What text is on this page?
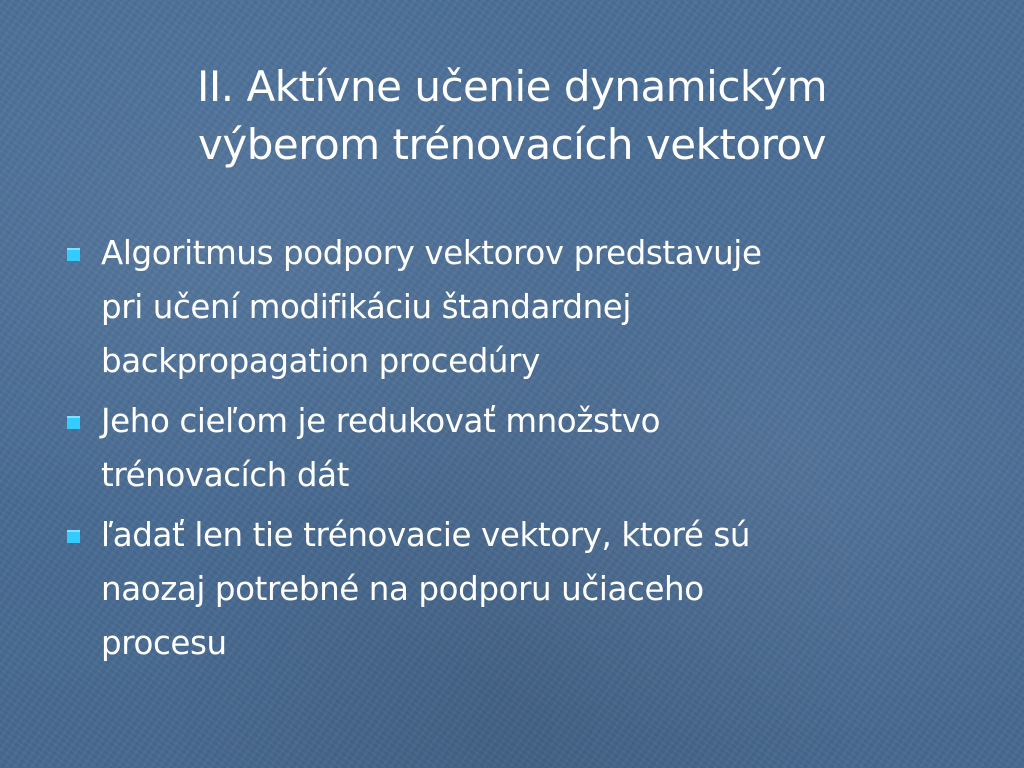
II. Aktívne učenie dynamickým
výberom trénovacích vektorov
Algoritmus podpory vektorov predstavuje
pri učení modifikáciu štandardnej
backpropagation procedúry
Jeho cieľom je redukovať množstvo
trénovacích dát
ľadať len tie trénovacie vektory, ktoré sú
naozaj potrebné na podporu učiaceho
procesu
